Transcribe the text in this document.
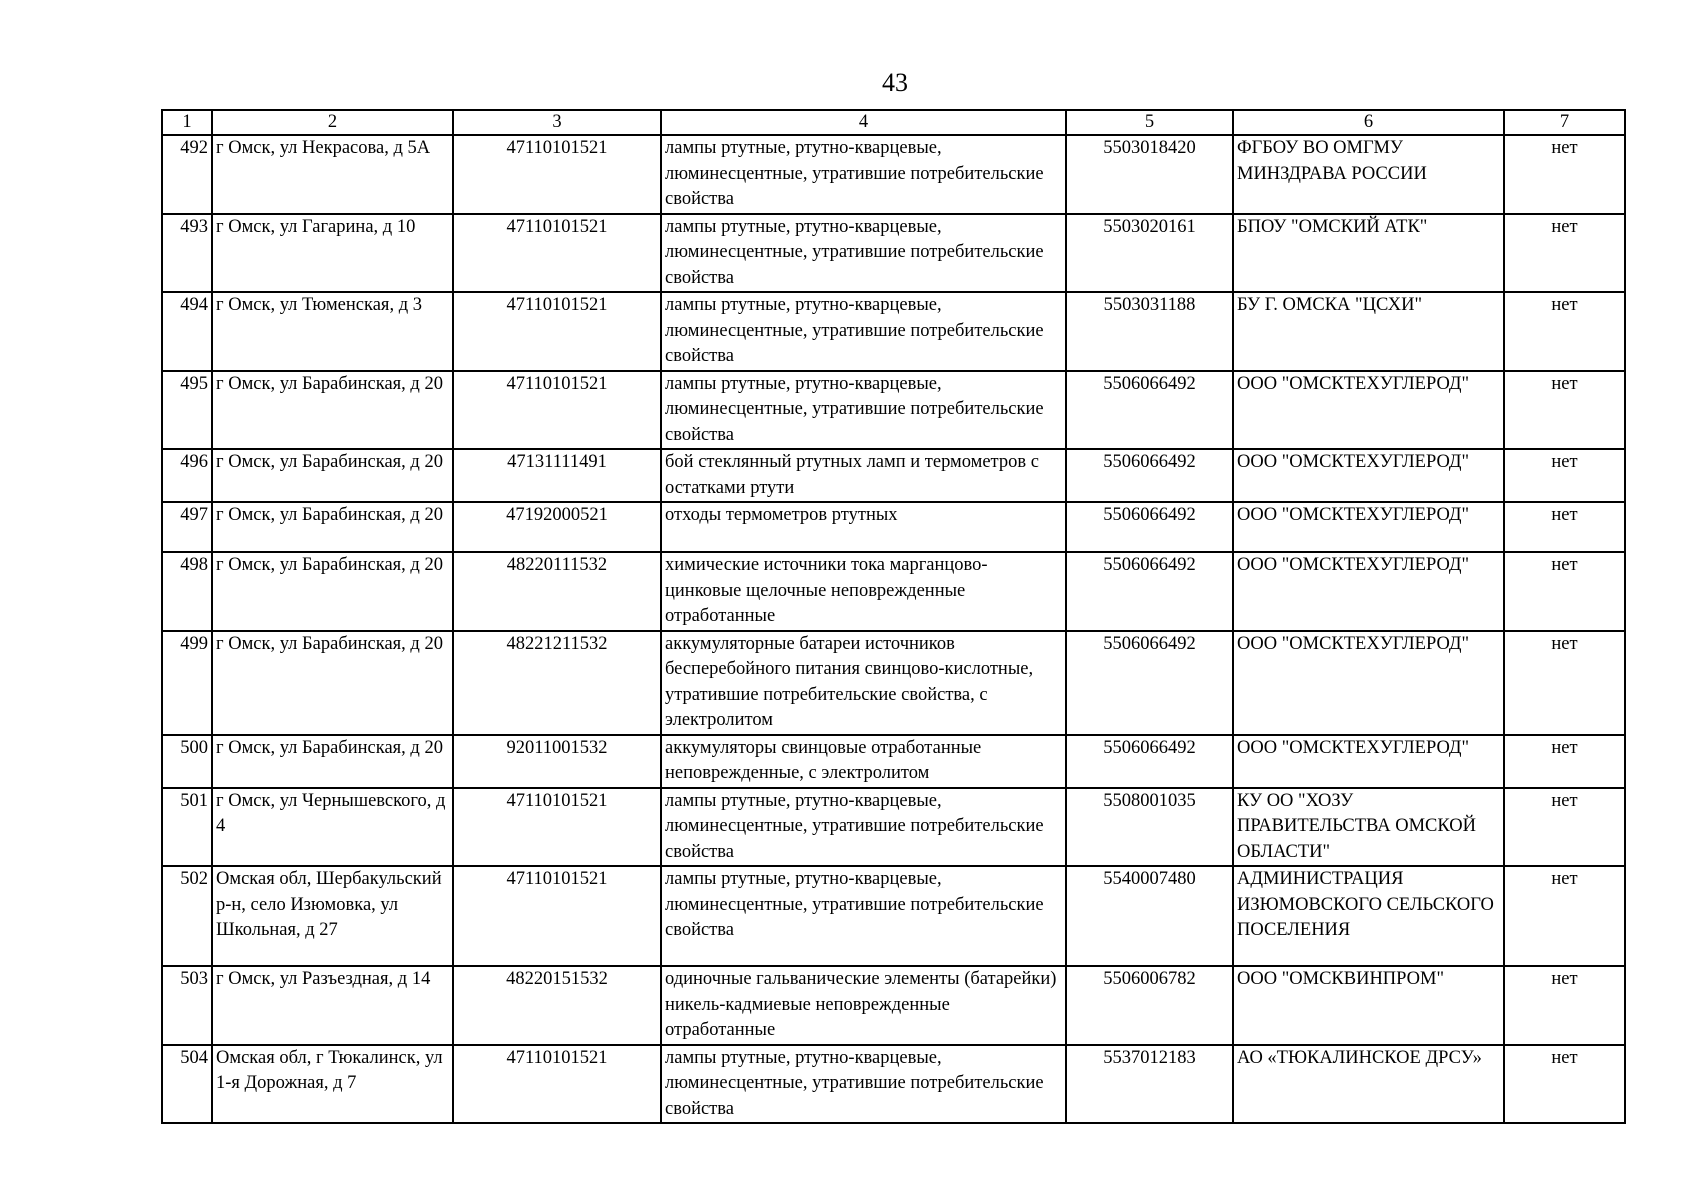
43
1	2	3	4	5	6	7
492	г Омск, ул Некрасова, д 5А	47110101521	лампы ртутные, ртутно-кварцевые, люминесцентные, утратившие потребительские свойства	5503018420	ФГБОУ ВО ОМГМУ МИНЗДРАВА РОССИИ	нет
493	г Омск, ул Гагарина, д 10	47110101521	лампы ртутные, ртутно-кварцевые, люминесцентные, утратившие потребительские свойства	5503020161	БПОУ "ОМСКИЙ АТК"	нет
494	г Омск, ул Тюменская, д 3	47110101521	лампы ртутные, ртутно-кварцевые, люминесцентные, утратившие потребительские свойства	5503031188	БУ Г. ОМСКА "ЦСХИ"	нет
495	г Омск, ул Барабинская, д 20	47110101521	лампы ртутные, ртутно-кварцевые, люминесцентные, утратившие потребительские свойства	5506066492	ООО "ОМСКТЕХУГЛЕРОД"	нет
496	г Омск, ул Барабинская, д 20	47131111491	бой стеклянный ртутных ламп и термометров с остатками ртути	5506066492	ООО "ОМСКТЕХУГЛЕРОД"	нет
497	г Омск, ул Барабинская, д 20	47192000521	отходы термометров ртутных	5506066492	ООО "ОМСКТЕХУГЛЕРОД"	нет
498	г Омск, ул Барабинская, д 20	48220111532	химические источники тока марганцово-цинковые щелочные неповрежденные отработанные	5506066492	ООО "ОМСКТЕХУГЛЕРОД"	нет
499	г Омск, ул Барабинская, д 20	48221211532	аккумуляторные батареи источников бесперебойного питания свинцово-кислотные, утратившие потребительские свойства, с электролитом	5506066492	ООО "ОМСКТЕХУГЛЕРОД"	нет
500	г Омск, ул Барабинская, д 20	92011001532	аккумуляторы свинцовые отработанные неповрежденные, с электролитом	5506066492	ООО "ОМСКТЕХУГЛЕРОД"	нет
501	г Омск, ул Чернышевского, д 4	47110101521	лампы ртутные, ртутно-кварцевые, люминесцентные, утратившие потребительские свойства	5508001035	КУ ОО "ХОЗУ ПРАВИТЕЛЬСТВА ОМСКОЙ ОБЛАСТИ"	нет
502	Омская обл, Шербакульский р-н, село Изюмовка, ул Школьная, д 27	47110101521	лампы ртутные, ртутно-кварцевые, люминесцентные, утратившие потребительские свойства	5540007480	АДМИНИСТРАЦИЯ ИЗЮМОВСКОГО СЕЛЬСКОГО ПОСЕЛЕНИЯ	нет
503	г Омск, ул Разъездная, д 14	48220151532	одиночные гальванические элементы (батарейки) никель-кадмиевые неповрежденные отработанные	5506006782	ООО "ОМСКВИНПРОМ"	нет
504	Омская обл, г Тюкалинск, ул 1-я Дорожная, д 7	47110101521	лампы ртутные, ртутно-кварцевые, люминесцентные, утратившие потребительские свойства	5537012183	АО «ТЮКАЛИНСКОЕ ДРСУ»	нет
